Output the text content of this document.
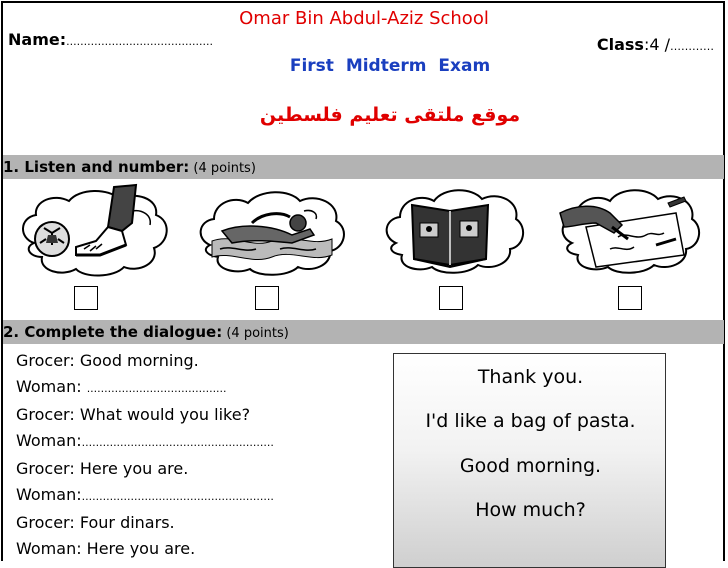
Omar Bin Abdul-Aziz School
Name:..........................................	Class:4 /…………
First Midterm Exam
موقع ملتقى تعليم فلسطين
1. Listen and number: (4 points)
2. Complete the dialogue: (4 points)
Grocer: Good morning.
Woman: ........................................
Grocer: What would you like?
Woman:.......................................................
Grocer: Here you are.
Woman:.......................................................
Grocer: Four dinars.
Woman: Here you are.
Thank you.
I'd like a bag of pasta.
Good morning.
How much?
